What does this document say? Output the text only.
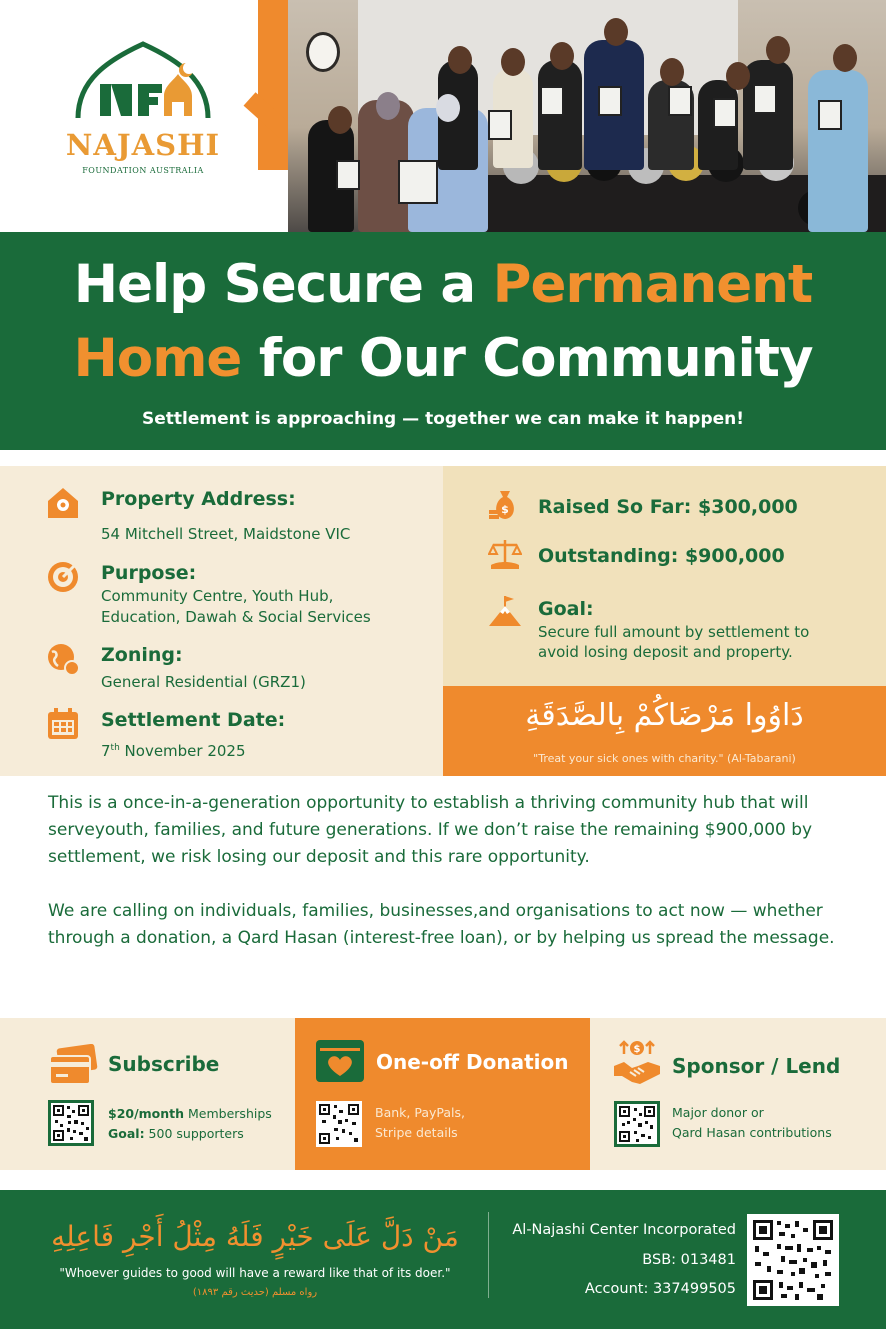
NAJASHI
FOUNDATION AUSTRALIA
Help Secure a Permanent
Home for Our Community
Settlement is approaching — together we can make it happen!
Property Address:
54 Mitchell Street, Maidstone VIC
Purpose:
Community Centre, Youth Hub,
Education, Dawah & Social Services
Zoning:
General Residential (GRZ1)
Settlement Date:
7th November 2025
$ Raised So Far: $300,000
Outstanding: $900,000
Goal:
Secure full amount by settlement to
avoid losing deposit and property.
دَاوُوا مَرْضَاكُمْ بِالصَّدَقَةِ
"Treat your sick ones with charity." (Al-Tabarani)

This is a once-in-a-generation opportunity to establish a thriving community hub that will serveyouth, families, and future generations. If we don’t raise the remaining $900,000 by settlement, we risk losing our deposit and this rare opportunity.

We are calling on individuals, families, businesses,and organisations to act now — whether through a donation, a Qard Hasan (interest-free loan), or by helping us spread the message.

Subscribe
$20/month Memberships
Goal: 500 supporters
One-off Donation
Bank, PayPals,
Stripe details
$
Sponsor / Lend
Major donor or
Qard Hasan contributions
مَنْ دَلَّ عَلَى خَيْرٍ فَلَهُ مِثْلُ أَجْرِ فَاعِلِهِ
"Whoever guides to good will have a reward like that of its doer."
رواه مسلم (حديث رقم ١٨٩٣)
Al-Najashi Center Incorporated
BSB: 013481
Account: 337499505
